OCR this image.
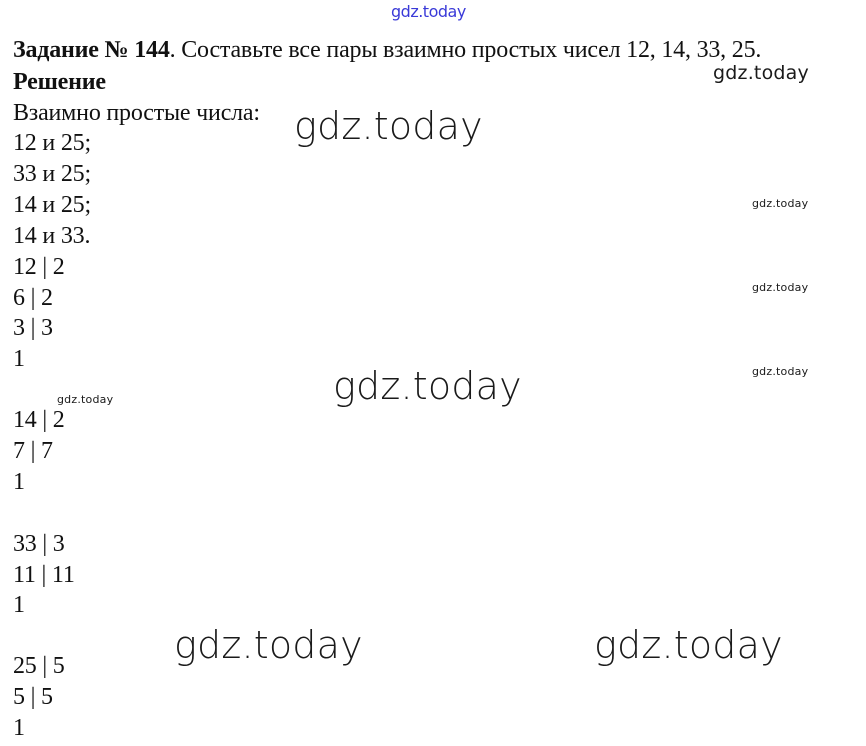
gdz.today
Задание № 144. Составьте все пары взаимно простых чисел 12, 14, 33, 25.
Решение
Взаимно простые числа:
12 и 25;
33 и 25;
14 и 25;
14 и 33.
12 | 2
6 | 2
3 | 3
1
14 | 2
7 | 7
1
33 | 3
11 | 11
1
25 | 5
5 | 5
1
gdz.today
gdz.today
gdz.today
gdz.today
gdz.today
gdz.today	gdz.today
gdz.today	gdz.today
